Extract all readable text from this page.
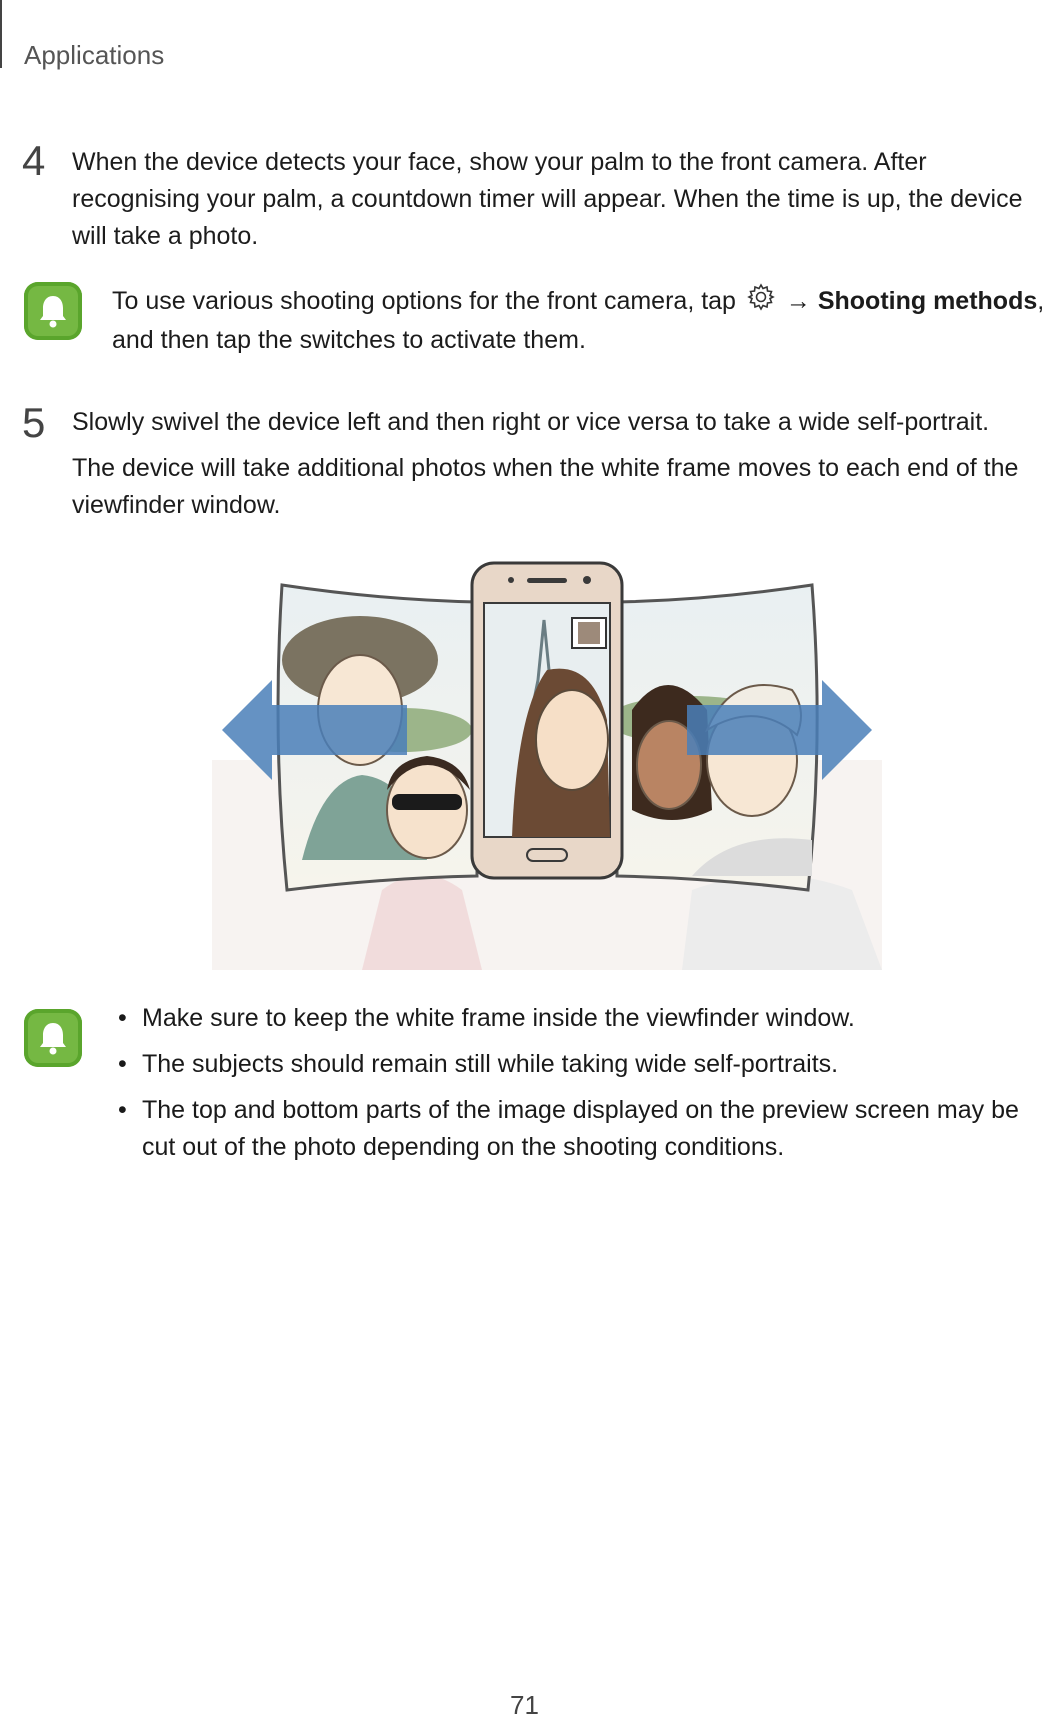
Applications
4 When the device detects your face, show your palm to the front camera. After recognising your palm, a countdown timer will appear. When the time is up, the device will take a photo.
To use various shooting options for the front camera, tap → Shooting methods,
and then tap the switches to activate them.
5 Slowly swivel the device left and then right or vice versa to take a wide self-portrait.
The device will take additional photos when the white frame moves to each end of the viewfinder window.
• Make sure to keep the white frame inside the viewfinder window.
• The subjects should remain still while taking wide self-portraits.
• The top and bottom parts of the image displayed on the preview screen may be cut out of the photo depending on the shooting conditions.
71
